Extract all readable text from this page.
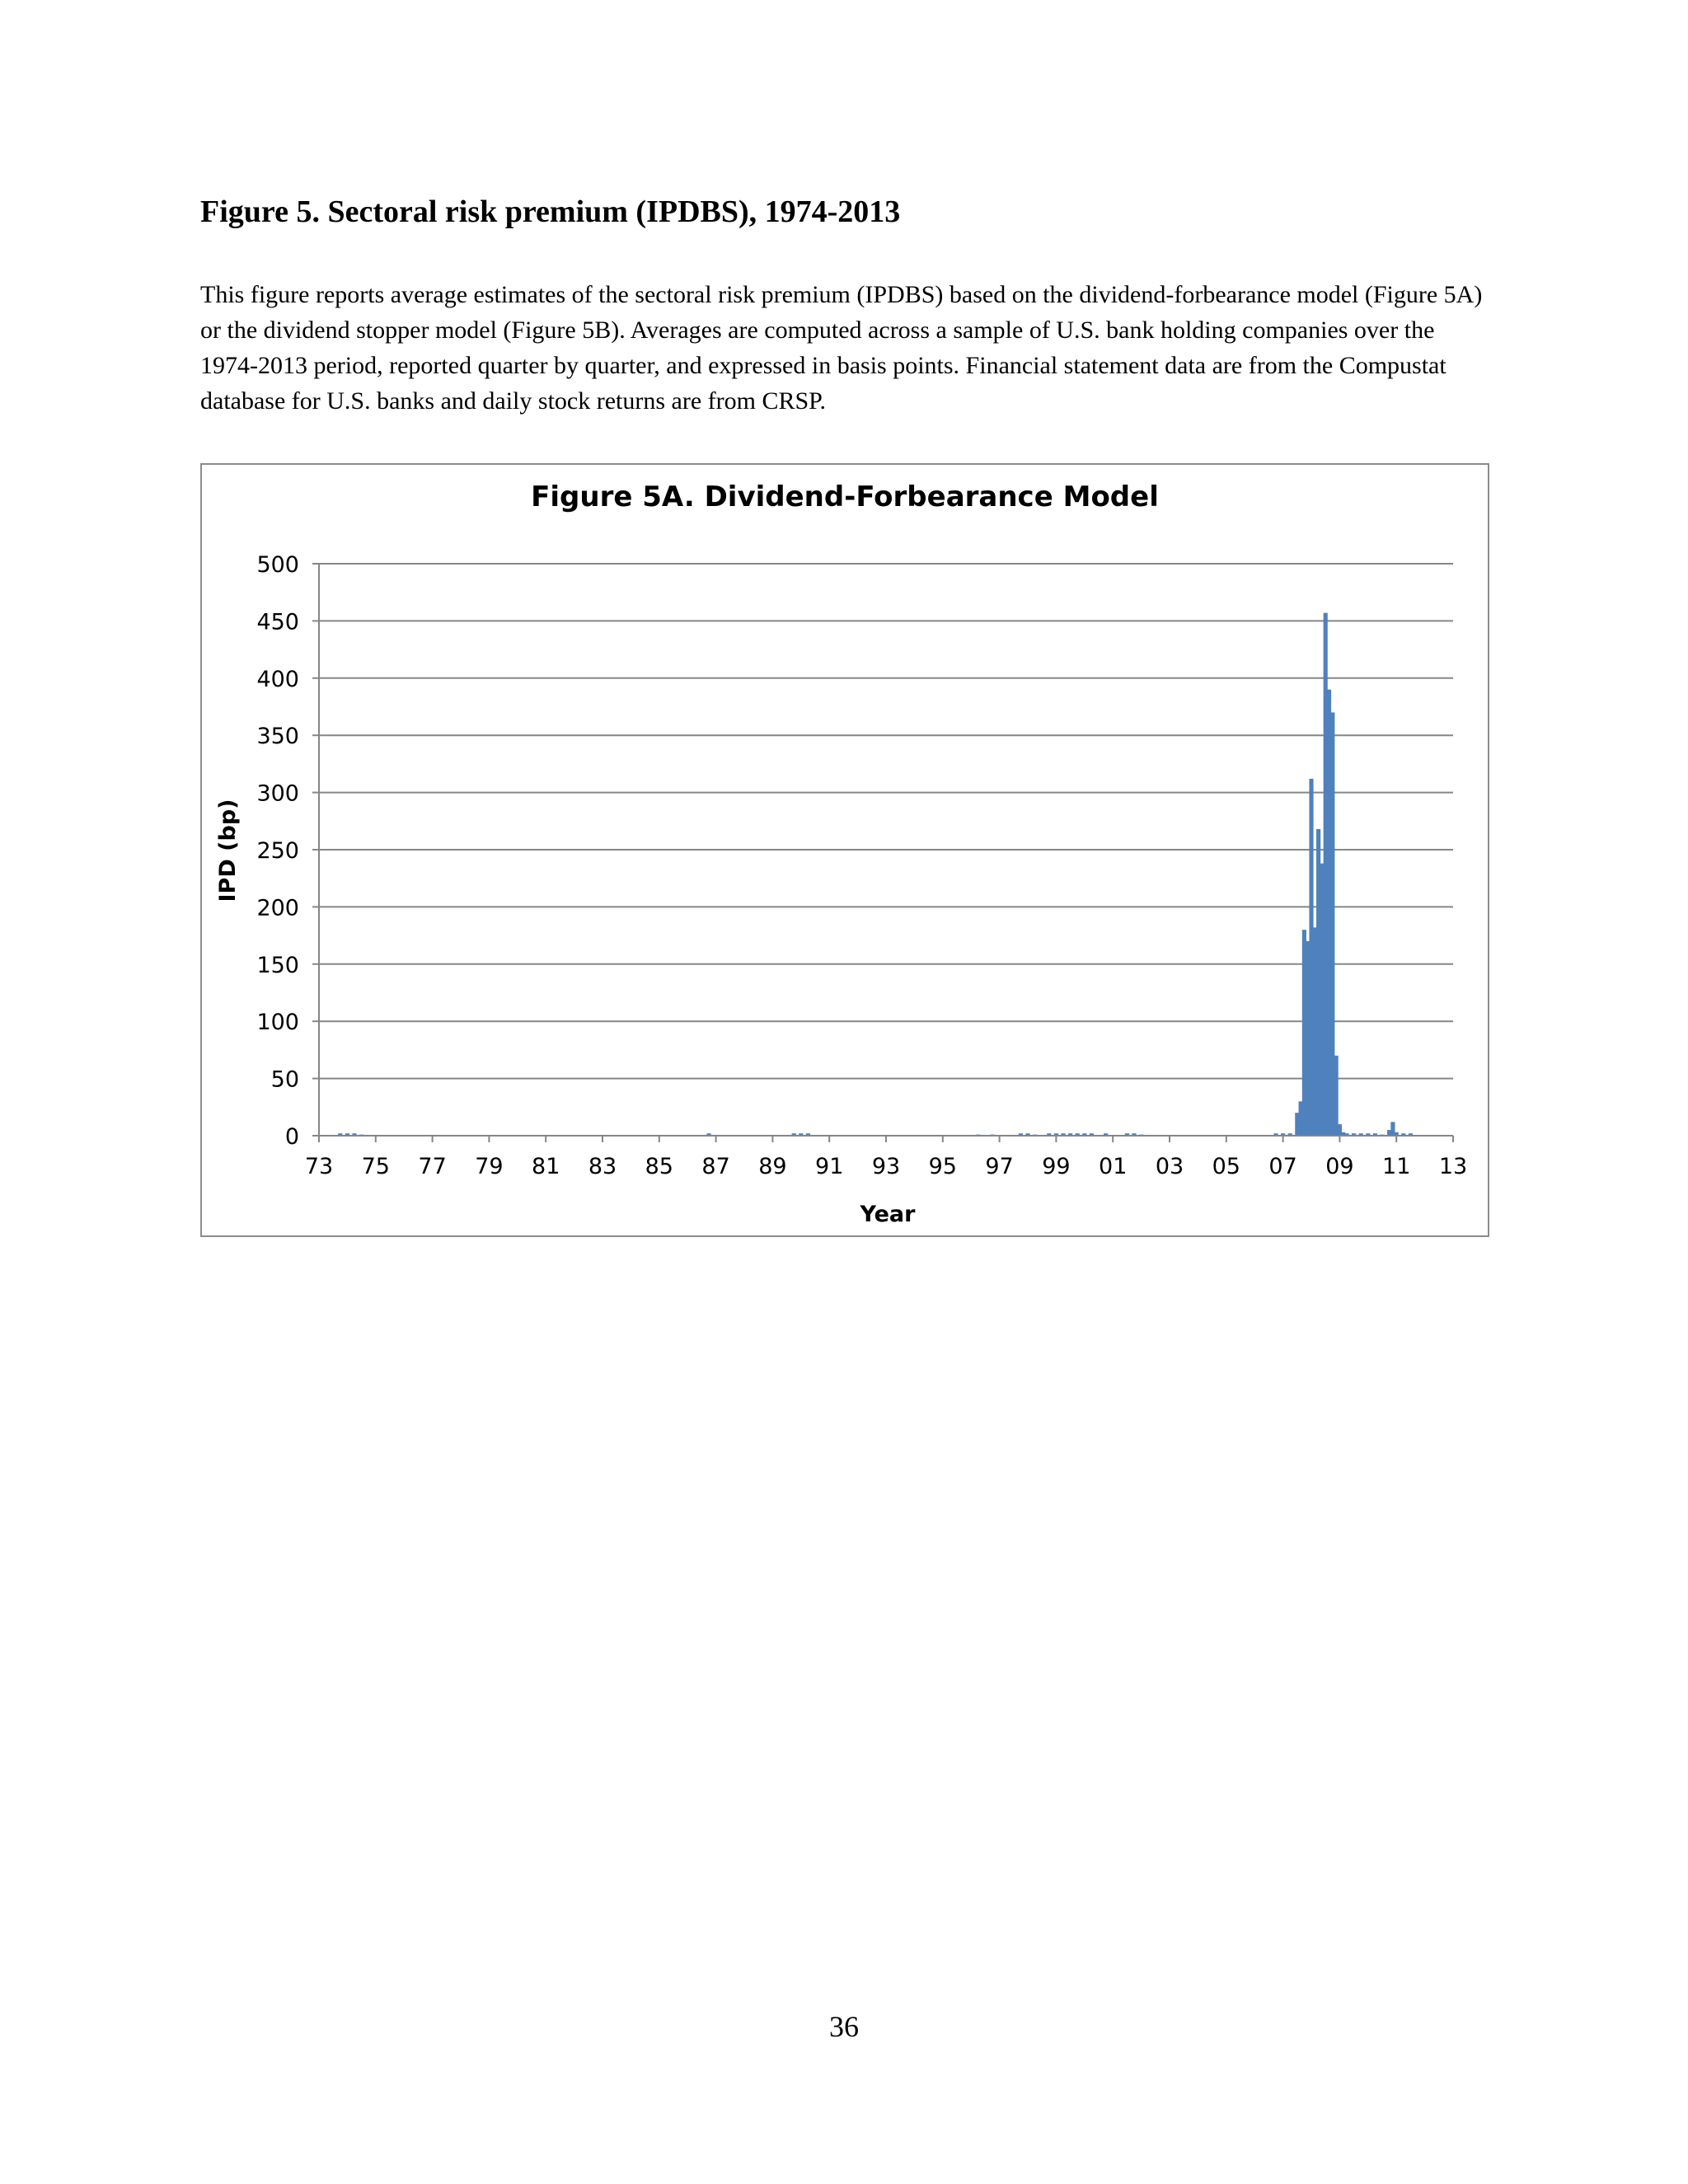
Figure 5. Sectoral risk premium (IPDBS), 1974-2013
This figure reports average estimates of the sectoral risk premium (IPDBS) based on the dividend-forbearance model (Figure 5A) or the dividend stopper model (Figure 5B). Averages are computed across a sample of U.S. bank holding companies over the 1974-2013 period, reported quarter by quarter, and expressed in basis points. Financial statement data are from the Compustat database for U.S. banks and daily stock returns are from CRSP.
Figure 5A. Dividend-Forbearance Model
0
50
100
150
200
250
300
350
400
450
500
73 75 77 79 81 83 85 87 89 91 93 95 97 99 01 03 05 07 09 11 13
Year
IPD (bp)
36
